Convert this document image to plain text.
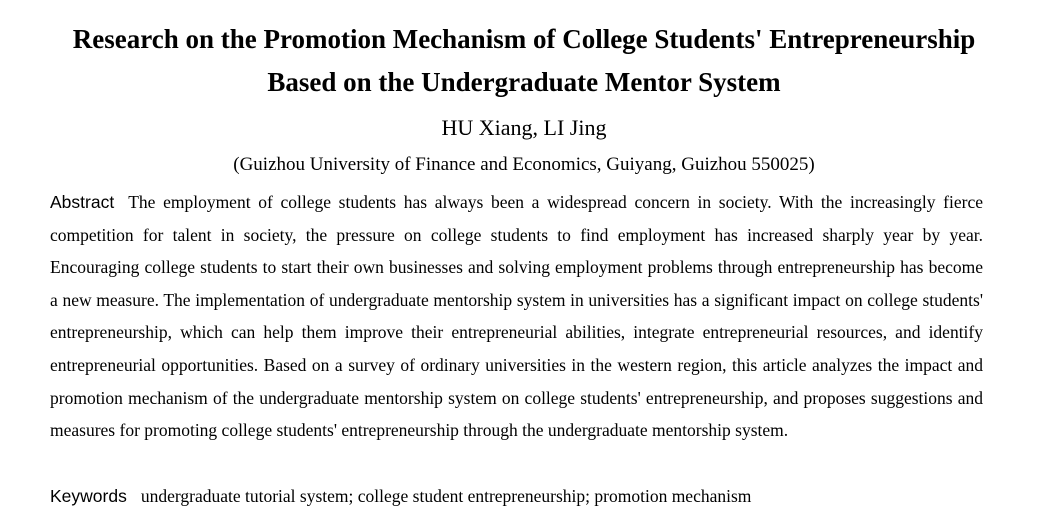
Research on the Promotion Mechanism of College Students' Entrepreneurship
Based on the Undergraduate Mentor System

HU Xiang, LI Jing

(Guizhou University of Finance and Economics, Guiyang, Guizhou 550025)

Abstract The employment of college students has always been a widespread concern in society. With the increasingly fierce competition for talent in society, the pressure on college students to find employment has increased sharply year by year. Encouraging college students to start their own businesses and solving employment problems through entrepreneurship has become a new measure. The implementation of undergraduate mentorship system in universities has a significant impact on college students' entrepreneurship, which can help them improve their entrepreneurial abilities, integrate entrepreneurial resources, and identify entrepreneurial opportunities. Based on a survey of ordinary universities in the western region, this article analyzes the impact and promotion mechanism of the undergraduate mentorship system on college students' entrepreneurship, and proposes suggestions and measures for promoting college students' entrepreneurship through the undergraduate mentorship system.

Keywords undergraduate tutorial system; college student entrepreneurship; promotion mechanism
